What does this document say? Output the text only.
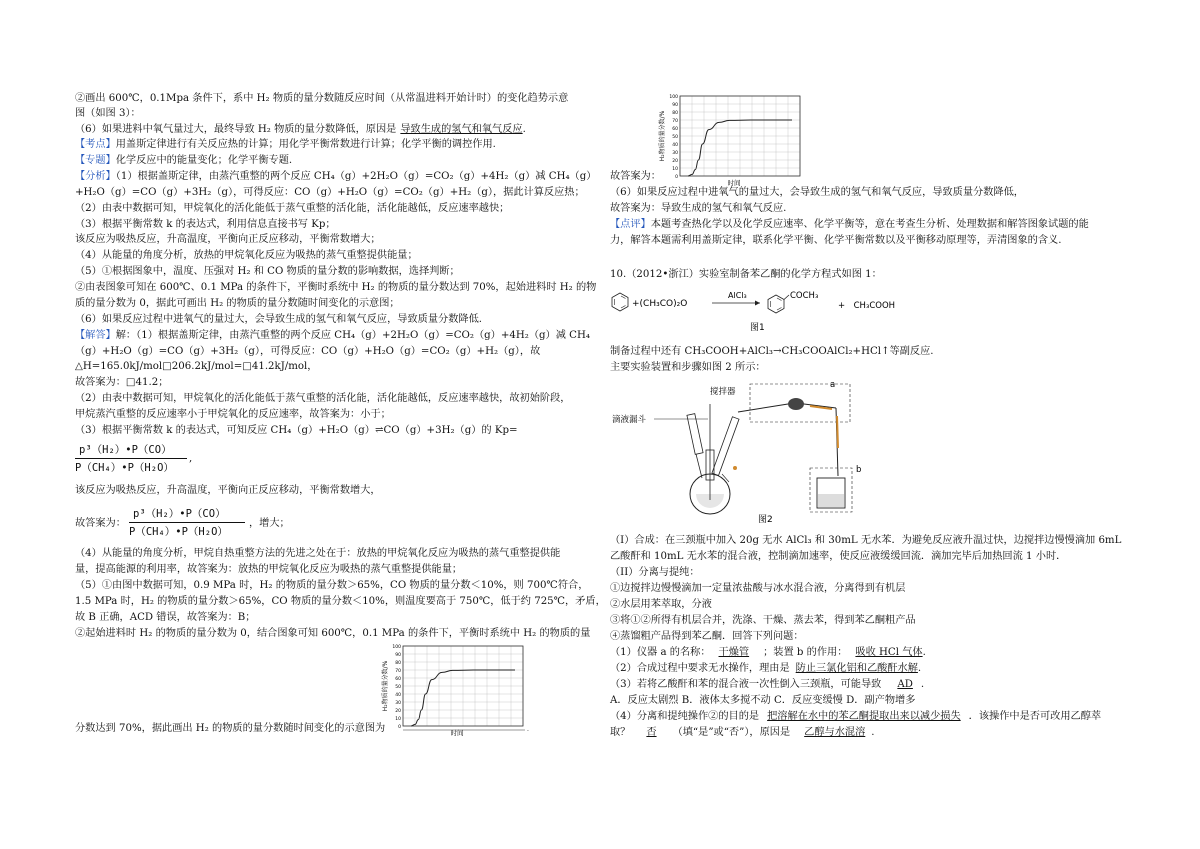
②画出 600℃，0.1Mpa 条件下，系中 H₂ 物质的量分数随反应时间（从常温进料开始计时）的变化趋势示意
图（如图 3）：
（6）如果进料中氧气量过大，最终导致 H₂ 物质的量分数降低，原因是 导致生成的氢气和氧气反应.
【考点】用盖斯定律进行有关反应热的计算；用化学平衡常数进行计算；化学平衡的调控作用.
【专题】化学反应中的能量变化；化学平衡专题.
【分析】（1）根据盖斯定律，由蒸汽重整的两个反应 CH₄（g）+2H₂O（g）=CO₂（g）+4H₂（g）减 CH₄（g）
+H₂O（g）=CO（g）+3H₂（g），可得反应：CO（g）+H₂O（g）=CO₂（g）+H₂（g），据此计算反应热；
（2）由表中数据可知，甲烷氧化的活化能低于蒸气重整的活化能，活化能越低，反应速率越快；
（3）根据平衡常数 k 的表达式，利用信息直接书写 Kp；
该反应为吸热反应，升高温度，平衡向正反应移动，平衡常数增大；
（4）从能量的角度分析，放热的甲烷氧化反应为吸热的蒸气重整提供能量；
（5）①根据图象中，温度、压强对 H₂ 和 CO 物质的量分数的影响数据，选择判断；
②由表图象可知在 600℃、0.1 MPa 的条件下，平衡时系统中 H₂ 的物质的量分数达到 70%，起始进料时 H₂ 的物
质的量分数为 0，据此可画出 H₂ 的物质的量分数随时间变化的示意图；
（6）如果反应过程中进氧气的量过大，会导致生成的氢气和氧气反应，导致质量分数降低.
【解答】解：（1）根据盖斯定律，由蒸汽重整的两个反应 CH₄（g）+2H₂O（g）=CO₂（g）+4H₂（g）减 CH₄
（g）+H₂O（g）=CO（g）+3H₂（g），可得反应：CO（g）+H₂O（g）=CO₂（g）+H₂（g），故
△H=165.0kJ/mol□206.2kJ/mol=□41.2kJ/mol，
故答案为：□41.2；
（2）由表中数据可知，甲烷氧化的活化能低于蒸气重整的活化能，活化能越低，反应速率越快，故初始阶段，
甲烷蒸汽重整的反应速率小于甲烷氧化的反应速率，故答案为：小于；
（3）根据平衡常数 k 的表达式，可知反应 CH₄（g）+H₂O（g）⇌CO（g）+3H₂（g）的 Kp=
p³（H₂）•P（CO）
P（CH₄）•P（H₂O）
,
该反应为吸热反应，升高温度，平衡向正反应移动，平衡常数增大，
故答案为：
p³（H₂）•P（CO）
P（CH₄）•P（H₂O）
，增大；
（4）从能量的角度分析，甲烷自热重整方法的先进之处在于：放热的甲烷氧化反应为吸热的蒸气重整提供能
量，提高能源的利用率，故答案为：放热的甲烷氧化反应为吸热的蒸气重整提供能量；
（5）①由图中数据可知，0.9 MPa 时，H₂ 的物质的量分数＞65%，CO 物质的量分数＜10%，则 700℃符合，
1.5 MPa 时，H₂ 的物质的量分数＞65%，CO 物质的量分数＜10%，则温度要高于 750℃，低于约 725℃，矛盾，
故 B 正确，ACD 错误，故答案为：B；
②起始进料时 H₂ 的物质的量分数为 0，结合图象可知 600℃，0.1 MPa 的条件下，平衡时系统中 H₂ 的物质的量
分数达到 70%，据此画出 H₂ 的物质的量分数随时间变化的示意图为
100
90
80
70
60
50
40
30
20
10
0
H₂物质的量分数/%
时间	·
100
90
80
70
60
50
40
30
20
10
0
H₂物质的量分数/%
时间
故答案为：
（6）如果反应过程中进氧气的量过大，会导致生成的氢气和氧气反应，导致质量分数降低，
故答案为：导致生成的氢气和氧气反应.
【点评】本题考查热化学以及化学反应速率、化学平衡等，意在考查生分析、处理数据和解答图象试题的能
力，解答本题需利用盖斯定律，联系化学平衡、化学平衡常数以及平衡移动原理等，弄清图象的含义.
10.（2012•浙江）实验室制备苯乙酮的化学方程式如图 1：
制备过程中还有 CH₃COOH+AlCl₃→CH₃COOAlCl₂+HCl↑等副反应.
主要实验装置和步骤如图 2 所示：
（I）合成：在三颈瓶中加入 20g 无水 AlCl₃ 和 30mL 无水苯．为避免反应液升温过快，边搅拌边慢慢滴加 6mL
乙酸酐和 10mL 无水苯的混合液，控制滴加速率，使反应液缓缓回流．滴加完毕后加热回流 1 小时．
（II）分离与提纯：
①边搅拌边慢慢滴加一定量浓盐酸与冰水混合液，分离得到有机层
②水层用苯萃取，分液
③将①②所得有机层合并，洗涤、干燥、蒸去苯，得到苯乙酮粗产品
④蒸馏粗产品得到苯乙酮．回答下列问题：
（1）仪器 a 的名称： 干燥管 ；装置 b 的作用： 吸收 HCl 气体.
（2）合成过程中要求无水操作，理由是 防止三氯化铝和乙酸酐水解.
（3）若将乙酸酐和苯的混合液一次性倒入三颈瓶，可能导致 AD .
A．反应太剧烈 B．液体太多搅不动 C．反应变缓慢 D．副产物增多
（4）分离和提纯操作②的目的是 把溶解在水中的苯乙酮提取出来以减少损失 ．该操作中是否可改用乙醇萃
取？ 否 （填“是”或“否”），原因是 乙醇与水混溶 .
+(CH₃CO)₂O
AlCl₃	COCH₃
+　CH₃COOH
图1
滴液漏斗
搅拌器
a
b
图2
